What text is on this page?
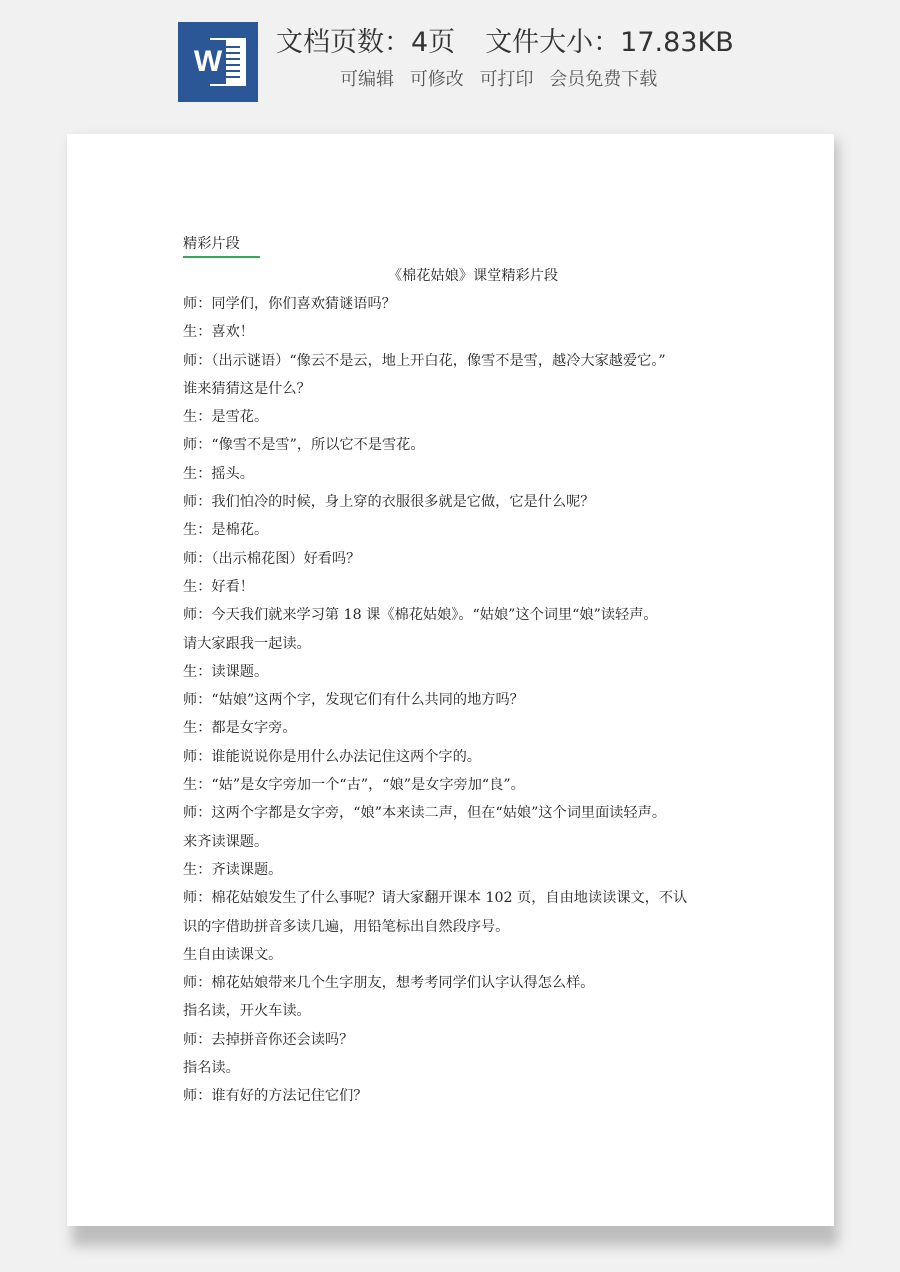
W
文档页数：4页 文件大小：17.83KB
可编辑 可修改 可打印 会员免费下载
精彩片段
《棉花姑娘》课堂精彩片段
师：同学们，你们喜欢猜谜语吗？
生：喜欢！
师：（出示谜语）“像云不是云，地上开白花，像雪不是雪，越冷大家越爱它。”
谁来猜猜这是什么？
生：是雪花。
师：“像雪不是雪”，所以它不是雪花。
生：摇头。
师：我们怕冷的时候，身上穿的衣服很多就是它做，它是什么呢？
生：是棉花。
师：（出示棉花图）好看吗？
生：好看！
师：今天我们就来学习第 18 课《棉花姑娘》。“姑娘”这个词里“娘”读轻声。
请大家跟我一起读。
生：读课题。
师：“姑娘”这两个字，发现它们有什么共同的地方吗？
生：都是女字旁。
师：谁能说说你是用什么办法记住这两个字的。
生：“姑”是女字旁加一个“古”，“娘”是女字旁加“良”。
师：这两个字都是女字旁，“娘”本来读二声，但在“姑娘”这个词里面读轻声。
来齐读课题。
生：齐读课题。
师：棉花姑娘发生了什么事呢？请大家翻开课本 102 页，自由地读读课文，不认
识的字借助拼音多读几遍，用铅笔标出自然段序号。
生自由读课文。
师：棉花姑娘带来几个生字朋友，想考考同学们认字认得怎么样。
指名读，开火车读。
师：去掉拼音你还会读吗？
指名读。
师：谁有好的方法记住它们？
